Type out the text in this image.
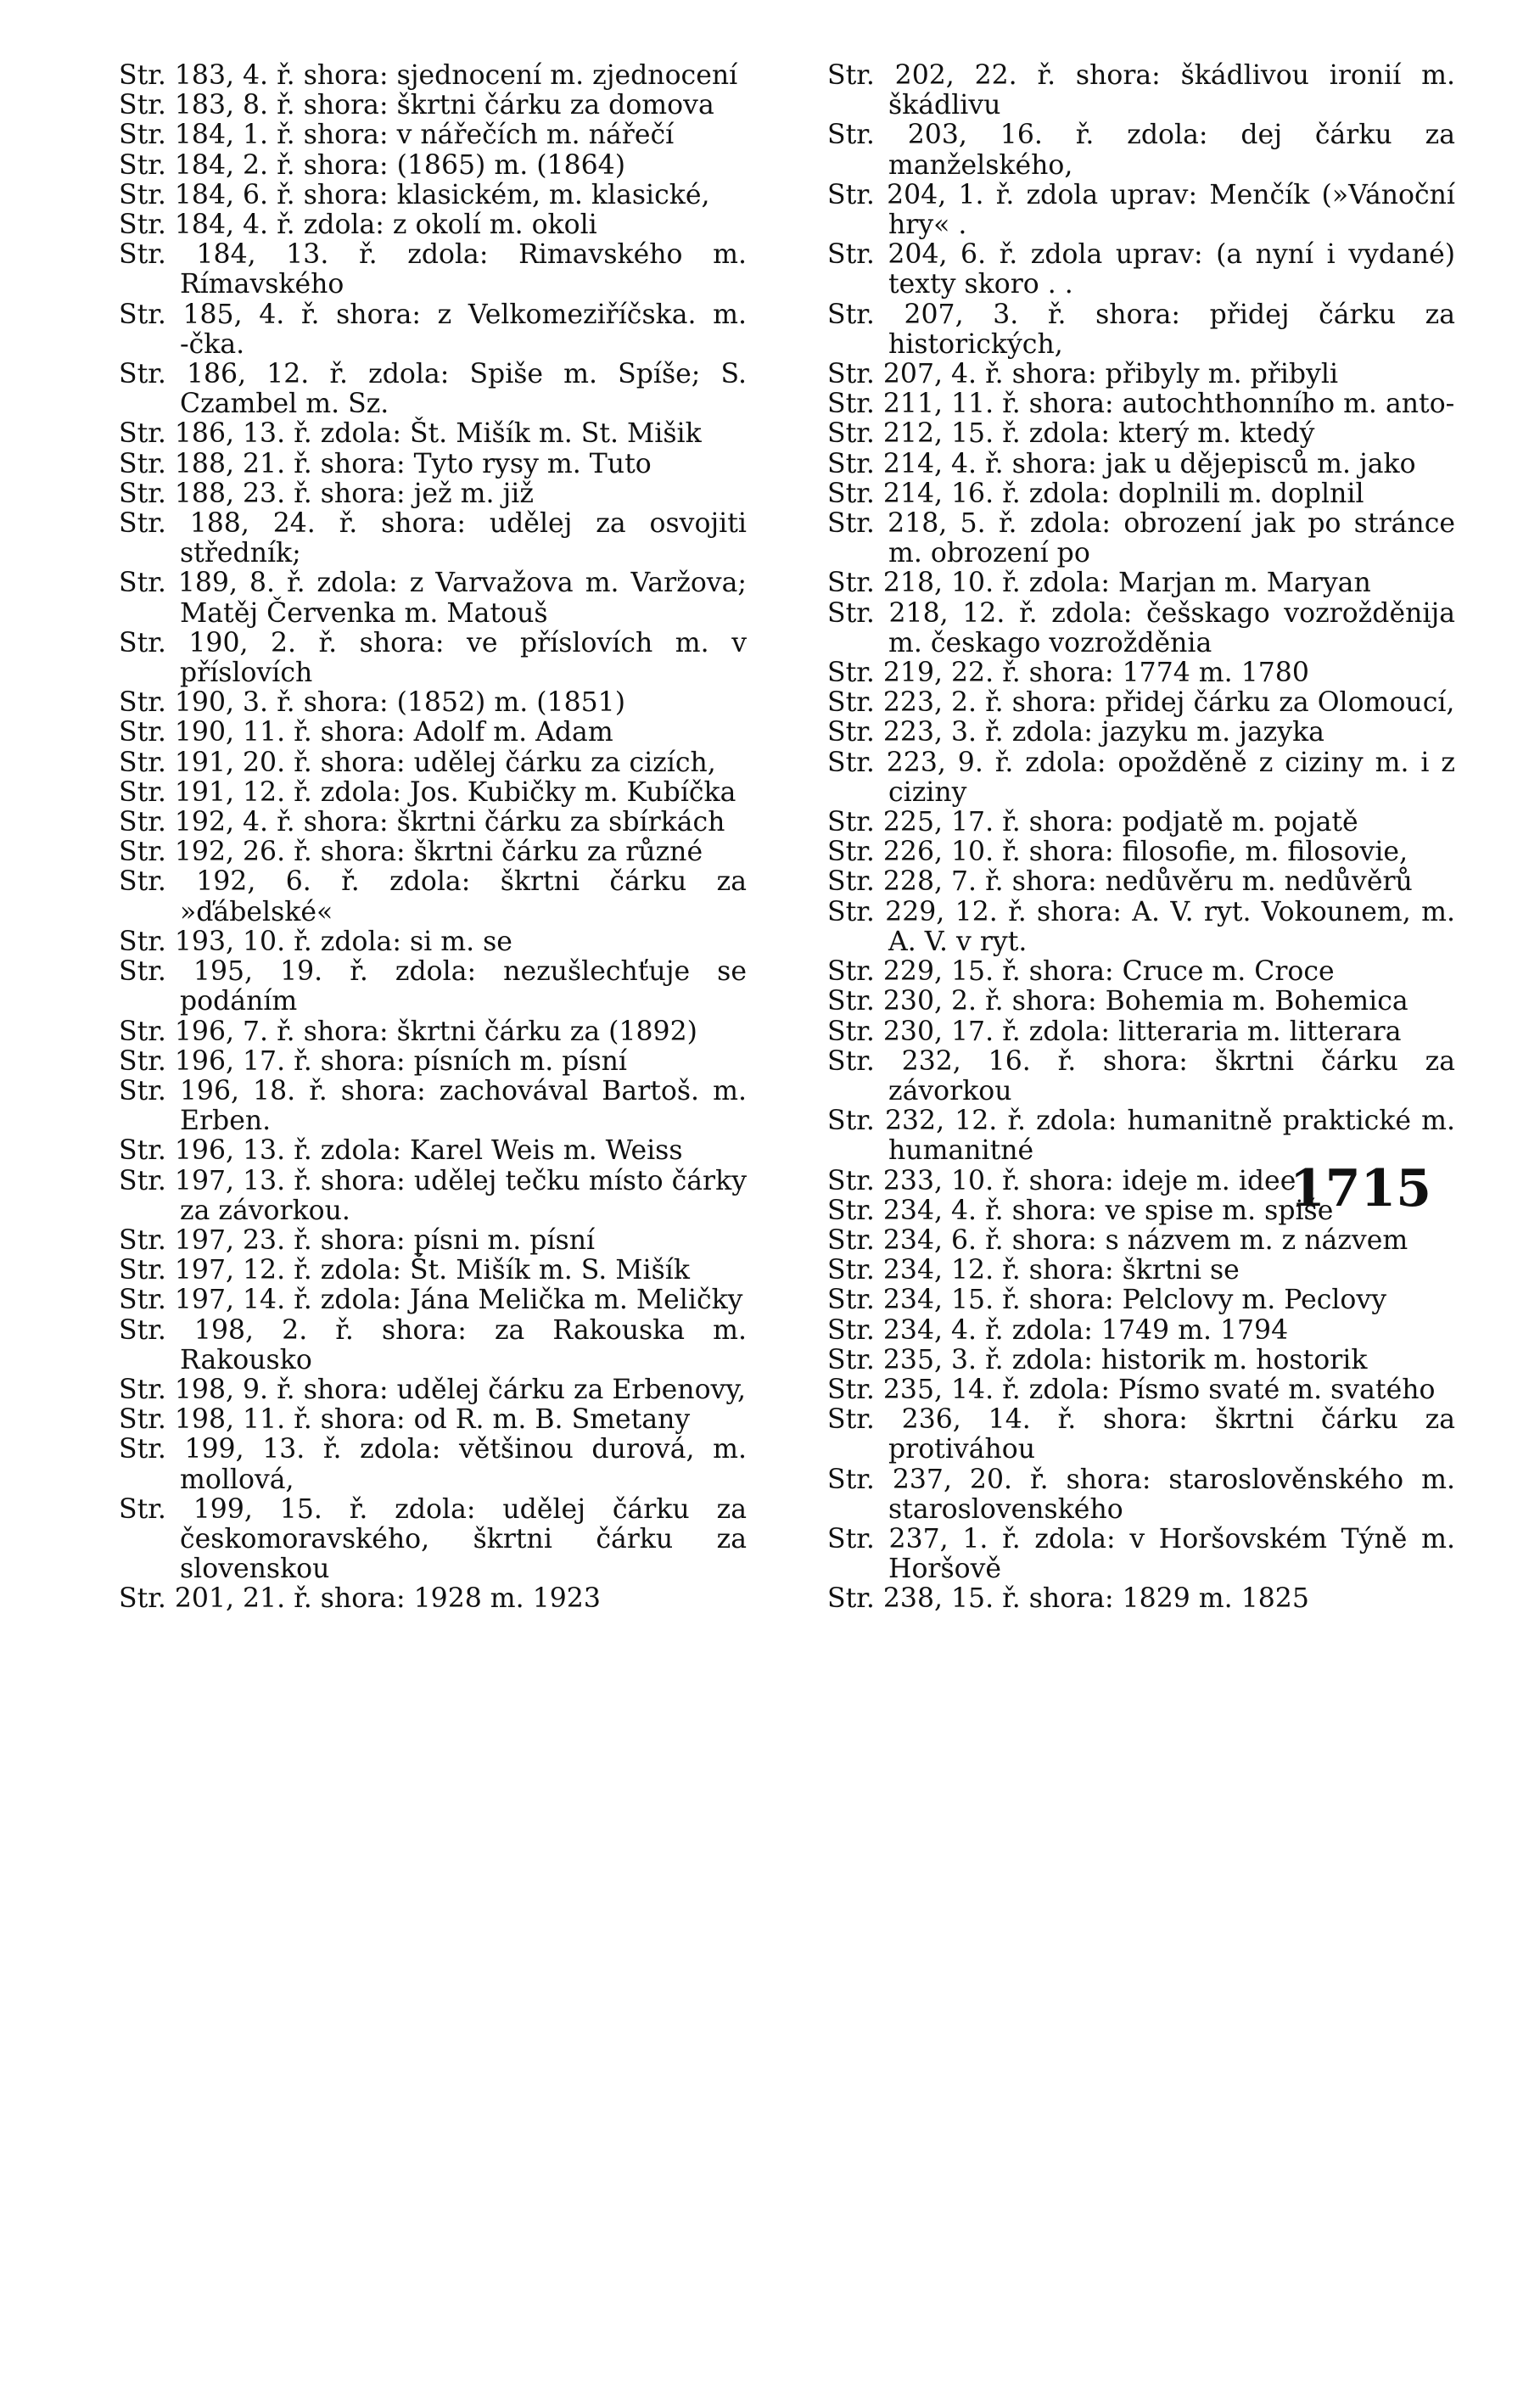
Str. 183, 4. ř. shora: sjednocení m. zjednocení

Str. 183, 8. ř. shora: škrtni čárku za domova

Str. 184, 1. ř. shora: v nářečích m. nářečí

Str. 184, 2. ř. shora: (1865) m. (1864)

Str. 184, 6. ř. shora: klasickém, m. klasické,

Str. 184, 4. ř. zdola: z okolí m. okoli

Str. 184, 13. ř. zdola: Rimavského m. Rímavského

Str. 185, 4. ř. shora: z Velkomeziříčska. m. -čka.

Str. 186, 12. ř. zdola: Spiše m. Spíše; S. Czambel m. Sz.

Str. 186, 13. ř. zdola: Št. Mišík m. St. Mišik

Str. 188, 21. ř. shora: Tyto rysy m. Tuto

Str. 188, 23. ř. shora: jež m. již

Str. 188, 24. ř. shora: udělej za osvojiti středník;

Str. 189, 8. ř. zdola: z Varvažova m. Varžova; Matěj Červenka m. Matouš

Str. 190, 2. ř. shora: ve příslovích m. v příslovích

Str. 190, 3. ř. shora: (1852) m. (1851)

Str. 190, 11. ř. shora: Adolf m. Adam

Str. 191, 20. ř. shora: udělej čárku za cizích,

Str. 191, 12. ř. zdola: Jos. Kubičky m. Kubíčka

Str. 192, 4. ř. shora: škrtni čárku za sbírkách

Str. 192, 26. ř. shora: škrtni čárku za různé

Str. 192, 6. ř. zdola: škrtni čárku za »ďábelské«

Str. 193, 10. ř. zdola: si m. se

Str. 195, 19. ř. zdola: nezušlechťuje se podáním

Str. 196, 7. ř. shora: škrtni čárku za (1892)

Str. 196, 17. ř. shora: písních m. písní

Str. 196, 18. ř. shora: zachovával Bartoš. m. Erben.

Str. 196, 13. ř. zdola: Karel Weis m. Weiss

Str. 197, 13. ř. shora: udělej tečku místo čárky za závorkou.

Str. 197, 23. ř. shora: písni m. písní

Str. 197, 12. ř. zdola: Št. Mišík m. S. Mišík

Str. 197, 14. ř. zdola: Jána Melička m. Meličky

Str. 198, 2. ř. shora: za Rakouska m. Rakousko

Str. 198, 9. ř. shora: udělej čárku za Erbenovy,

Str. 198, 11. ř. shora: od R. m. B. Smetany

Str. 199, 13. ř. zdola: většinou durová, m. mollová,

Str. 199, 15. ř. zdola: udělej čárku za českomoravského, škrtni čárku za slovenskou

Str. 201, 21. ř. shora: 1928 m. 1923

Str. 202, 22. ř. shora: škádlivou ironií m. škádlivu

Str. 203, 16. ř. zdola: dej čárku za manželského,

Str. 204, 1. ř. zdola uprav: Menčík (»Vánoční hry« .

Str. 204, 6. ř. zdola uprav: (a nyní i vydané) texty skoro . .

Str. 207, 3. ř. shora: přidej čárku za historických,

Str. 207, 4. ř. shora: přibyly m. přibyli

Str. 211, 11. ř. shora: autochthonního m. anto-

Str. 212, 15. ř. zdola: který m. ktedý

Str. 214, 4. ř. shora: jak u dějepisců m. jako

Str. 214, 16. ř. zdola: doplnili m. doplnil

Str. 218, 5. ř. zdola: obrození jak po stránce m. obrození po

Str. 218, 10. ř. zdola: Marjan m. Maryan

Str. 218, 12. ř. zdola: češskago vozrožděnija m. českago vozrožděnia

Str. 219, 22. ř. shora: 1774 m. 1780

Str. 223, 2. ř. shora: přidej čárku za Olomoucí,

Str. 223, 3. ř. zdola: jazyku m. jazyka

Str. 223, 9. ř. zdola: opožděně z ciziny m. i z ciziny

Str. 225, 17. ř. shora: podjatě m. pojatě

Str. 226, 10. ř. shora: filosofie, m. filosovie,

Str. 228, 7. ř. shora: nedůvěru m. nedůvěrů

Str. 229, 12. ř. shora: A. V. ryt. Vokounem, m. A. V. v ryt.

Str. 229, 15. ř. shora: Cruce m. Croce

Str. 230, 2. ř. shora: Bohemia m. Bohemica

Str. 230, 17. ř. zdola: litteraria m. litterara

Str. 232, 16. ř. shora: škrtni čárku za závorkou

Str. 232, 12. ř. zdola: humanitně praktické m. humanitné

Str. 233, 10. ř. shora: ideje m. idee

Str. 234, 4. ř. shora: ve spise m. spiše

Str. 234, 6. ř. shora: s názvem m. z názvem

Str. 234, 12. ř. shora: škrtni se

Str. 234, 15. ř. shora: Pelclovy m. Peclovy

Str. 234, 4. ř. zdola: 1749 m. 1794

Str. 235, 3. ř. zdola: historik m. hostorik

Str. 235, 14. ř. zdola: Písmo svaté m. svatého

Str. 236, 14. ř. shora: škrtni čárku za protiváhou

Str. 237, 20. ř. shora: staroslověnského m. staroslovenského

Str. 237, 1. ř. zdola: v Horšovském Týně m. Horšově

Str. 238, 15. ř. shora: 1829 m. 1825

1715
